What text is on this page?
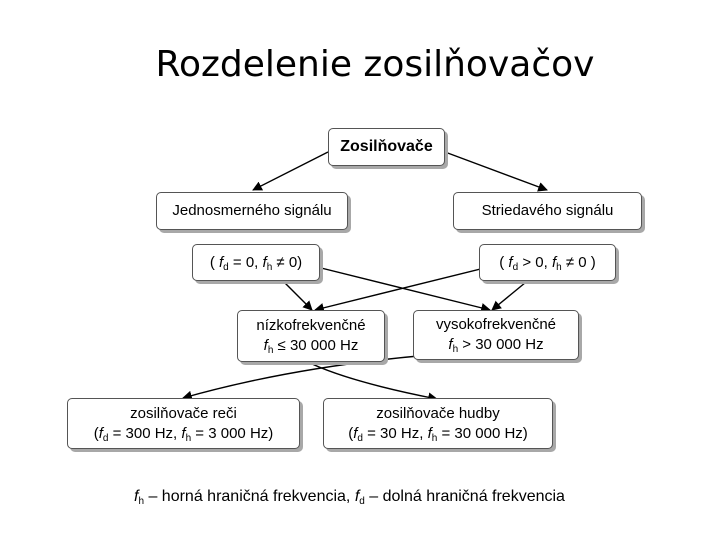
Rozdelenie zosilňovačov
Zosilňovače
Jednosmerného signálu	Striedavého signálu
( $f_d = 0$, $f_h \ne 0$)	( $f_d > 0$, $f_h \ne 0$ )
nízkofrekvenčné
$f_h \le 30$ 000 Hz
vysokofrekvenčné
$f_h > 30$ 000 Hz
zosilňovače reči
($f_d = 300$ Hz, $f_h = 3$ 000 Hz)
zosilňovače hudby
($f_d = 30$ Hz, $f_h = 30$ 000 Hz)
$f_h$ – horná hraničná frekvencia, $f_d$ – dolná hraničná frekvencia
